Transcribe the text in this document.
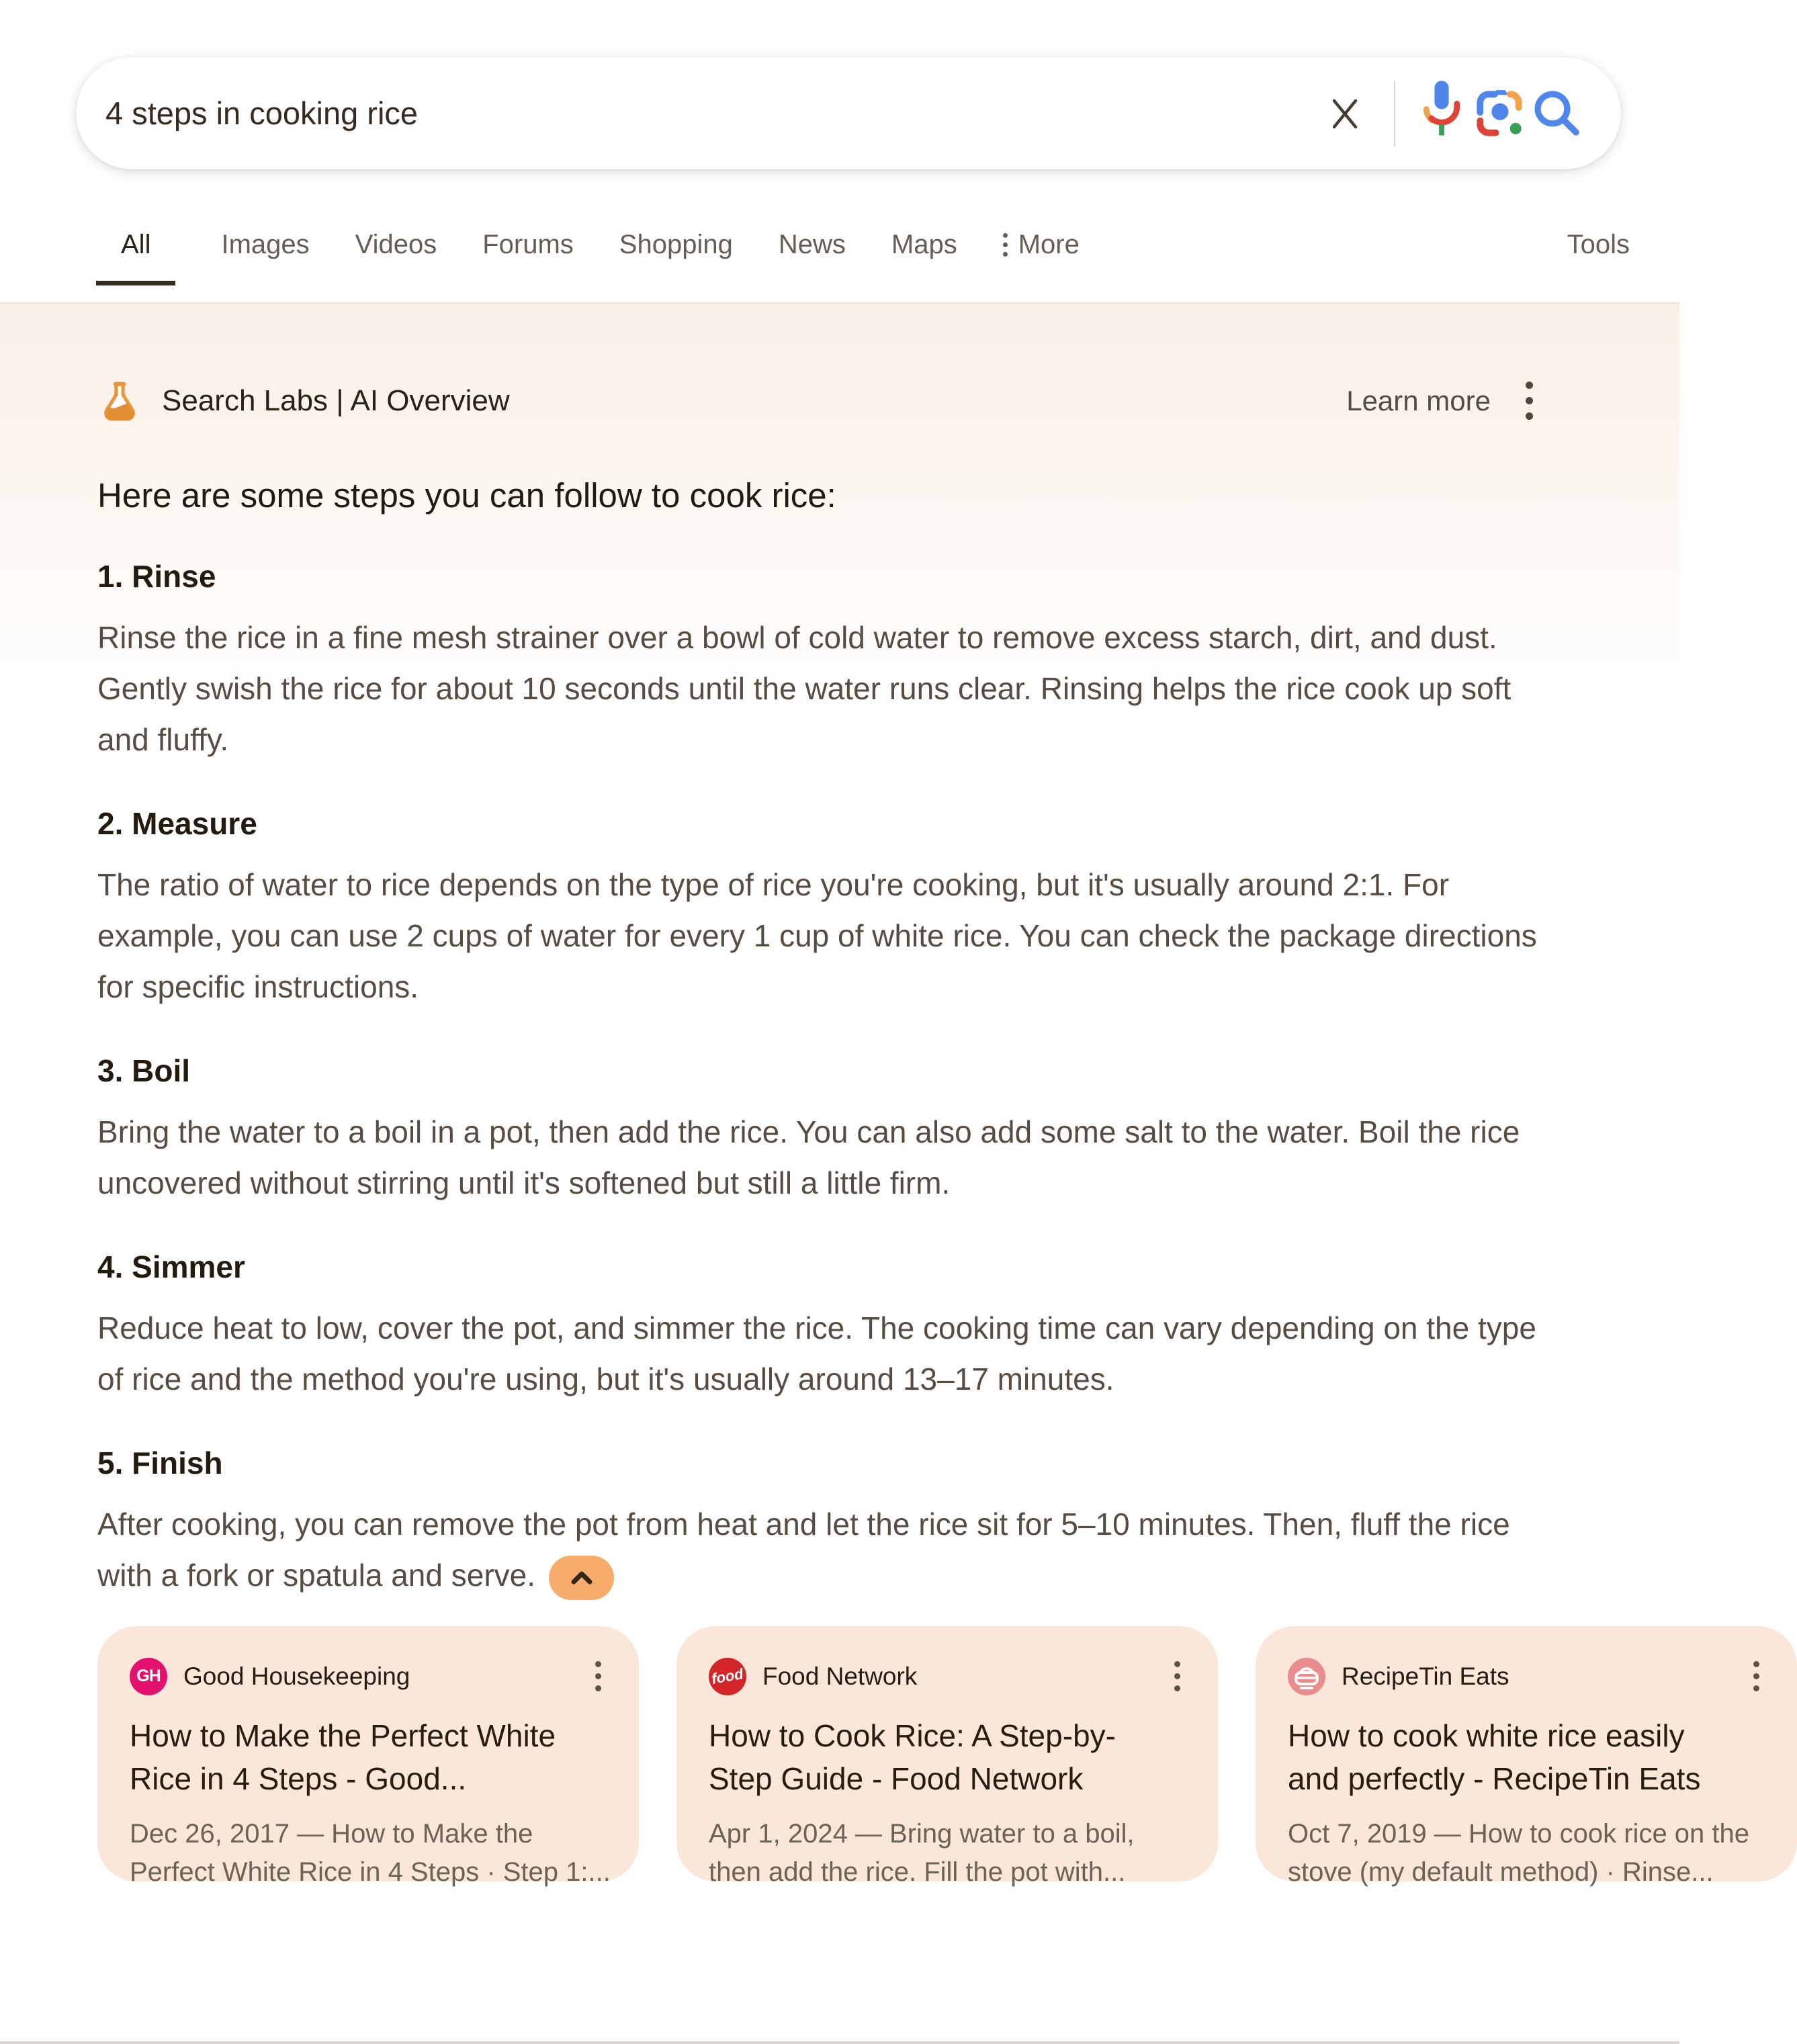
4 steps in cooking rice
All	Images Videos Forums Shopping News Maps More	Tools
Search Labs | AI Overview	Learn more
Here are some steps you can follow to cook rice:
1. Rinse
Rinse the rice in a fine mesh strainer over a bowl of cold water to remove excess starch, dirt, and dust. Gently swish the rice for about 10 seconds until the water runs clear. Rinsing helps the rice cook up soft and fluffy.
2. Measure
The ratio of water to rice depends on the type of rice you're cooking, but it's usually around 2:1. For example, you can use 2 cups of water for every 1 cup of white rice. You can check the package directions for specific instructions.
3. Boil
Bring the water to a boil in a pot, then add the rice. You can also add some salt to the water. Boil the rice uncovered without stirring until it's softened but still a little firm.
4. Simmer
Reduce heat to low, cover the pot, and simmer the rice. The cooking time can vary depending on the type of rice and the method you're using, but it's usually around 13–17 minutes.
5. Finish
After cooking, you can remove the pot from heat and let the rice sit for 5–10 minutes. Then, fluff the rice with a fork or spatula and serve.
GH Good Housekeeping
How to Make the Perfect White
Rice in 4 Steps - Good...
Dec 26, 2017 — How to Make the
Perfect White Rice in 4 Steps · Step 1:...
food Food Network
How to Cook Rice: A Step-by-
Step Guide - Food Network
Apr 1, 2024 — Bring water to a boil,
then add the rice. Fill the pot with...
RecipeTin Eats
How to cook white rice easily
and perfectly - RecipeTin Eats
Oct 7, 2019 — How to cook rice on the
stove (my default method) · Rinse...
